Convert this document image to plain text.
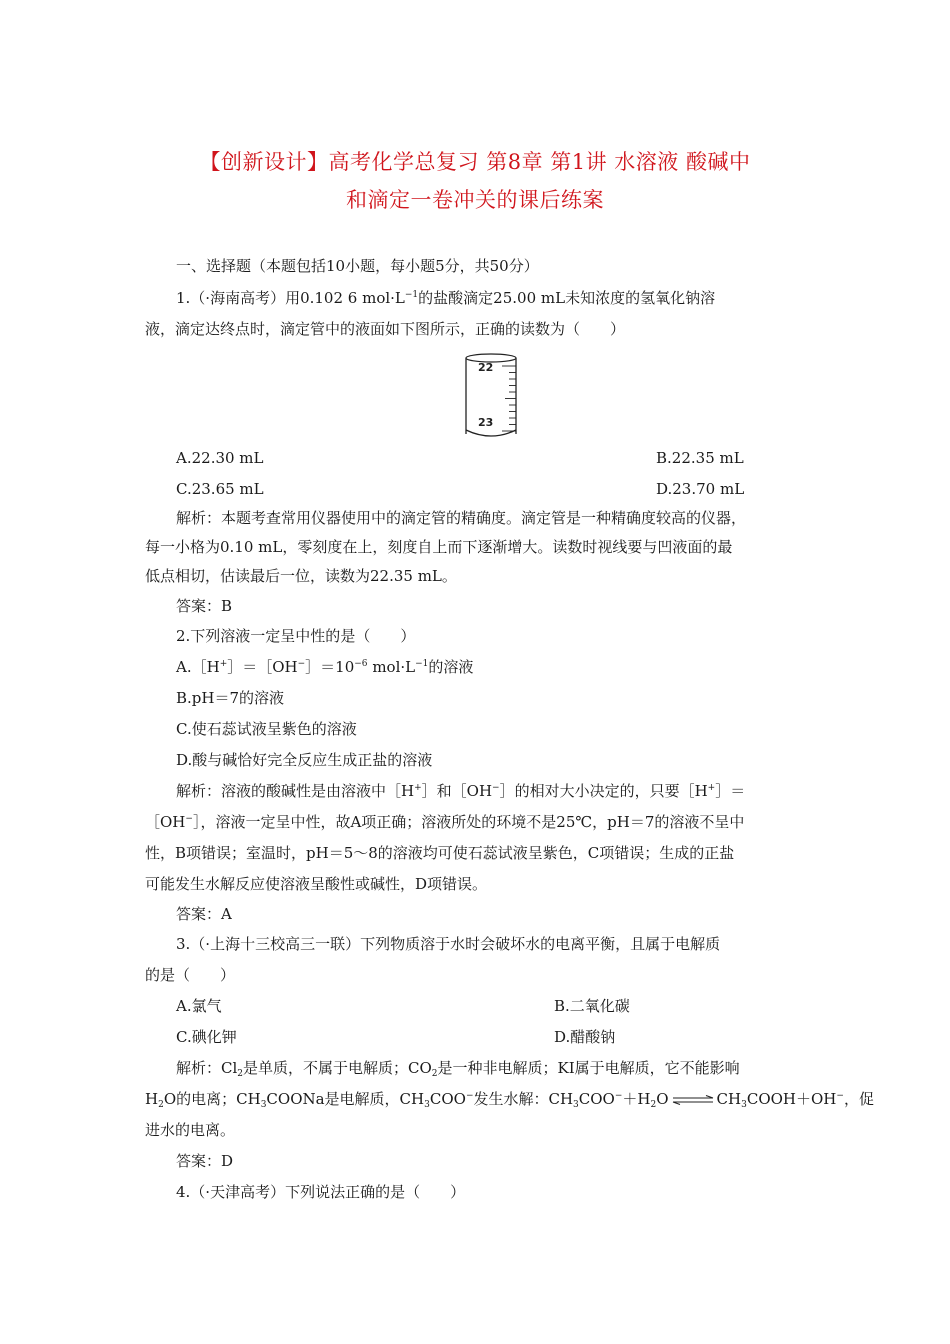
【创新设计】高考化学总复习 第8章 第1讲 水溶液 酸碱中
和滴定一卷冲关的课后练案
一、选择题（本题包括10小题，每小题5分，共50分）
1.（·海南高考）用0.102 6 $mol\cdot L^{-1}$的盐酸滴定25.00 mL未知浓度的氢氧化钠溶
液，滴定达终点时，滴定管中的液面如下图所示，正确的读数为（　　）
22
23
A.22.30 mL	B.22.35 mL
C.23.65 mL	D.23.70 mL
解析：本题考查常用仪器使用中的滴定管的精确度。滴定管是一种精确度较高的仪器，
每一小格为0.10 mL，零刻度在上，刻度自上而下逐渐增大。读数时视线要与凹液面的最
低点相切，估读最后一位，读数为22.35 mL。
答案：B
2.下列溶液一定呈中性的是（　　）
$A.[H^+]=[OH^-]=10^{-6}$ $mol\cdot L^{-1}$的溶液
B.pH＝7的溶液
C.使石蕊试液呈紫色的溶液
D.酸与碱恰好完全反应生成正盐的溶液
解析：溶液的酸碱性是由溶液中［H+］和［OH−］的相对大小决定的，只要［H+］＝
［OH−］，溶液一定呈中性，故A项正确；溶液所处的环境不是25℃，pH＝7的溶液不呈中
性，B项错误；室温时，pH＝5～8的溶液均可使石蕊试液呈紫色，C项错误；生成的正盐
可能发生水解反应使溶液呈酸性或碱性，D项错误。
答案：A
3.（·上海十三校高三一联）下列物质溶于水时会破坏水的电离平衡，且属于电解质
的是（　　）
A.氯气	B.二氧化碳
C.碘化钾	D.醋酸钠
解析：$Cl_2$是单质，不属于电解质；$CO_2$是一种非电解质；KI属于电解质，它不能影响
$H_2O$的电离；$CH_3COONa$是电解质，$CH_3COO^-$发生水解：$CH_3COO^-+H_2O$ ⇌ $CH_3COOH+OH^-$，促
进水的电离。
答案：D
4.（·天津高考）下列说法正确的是（　　）
